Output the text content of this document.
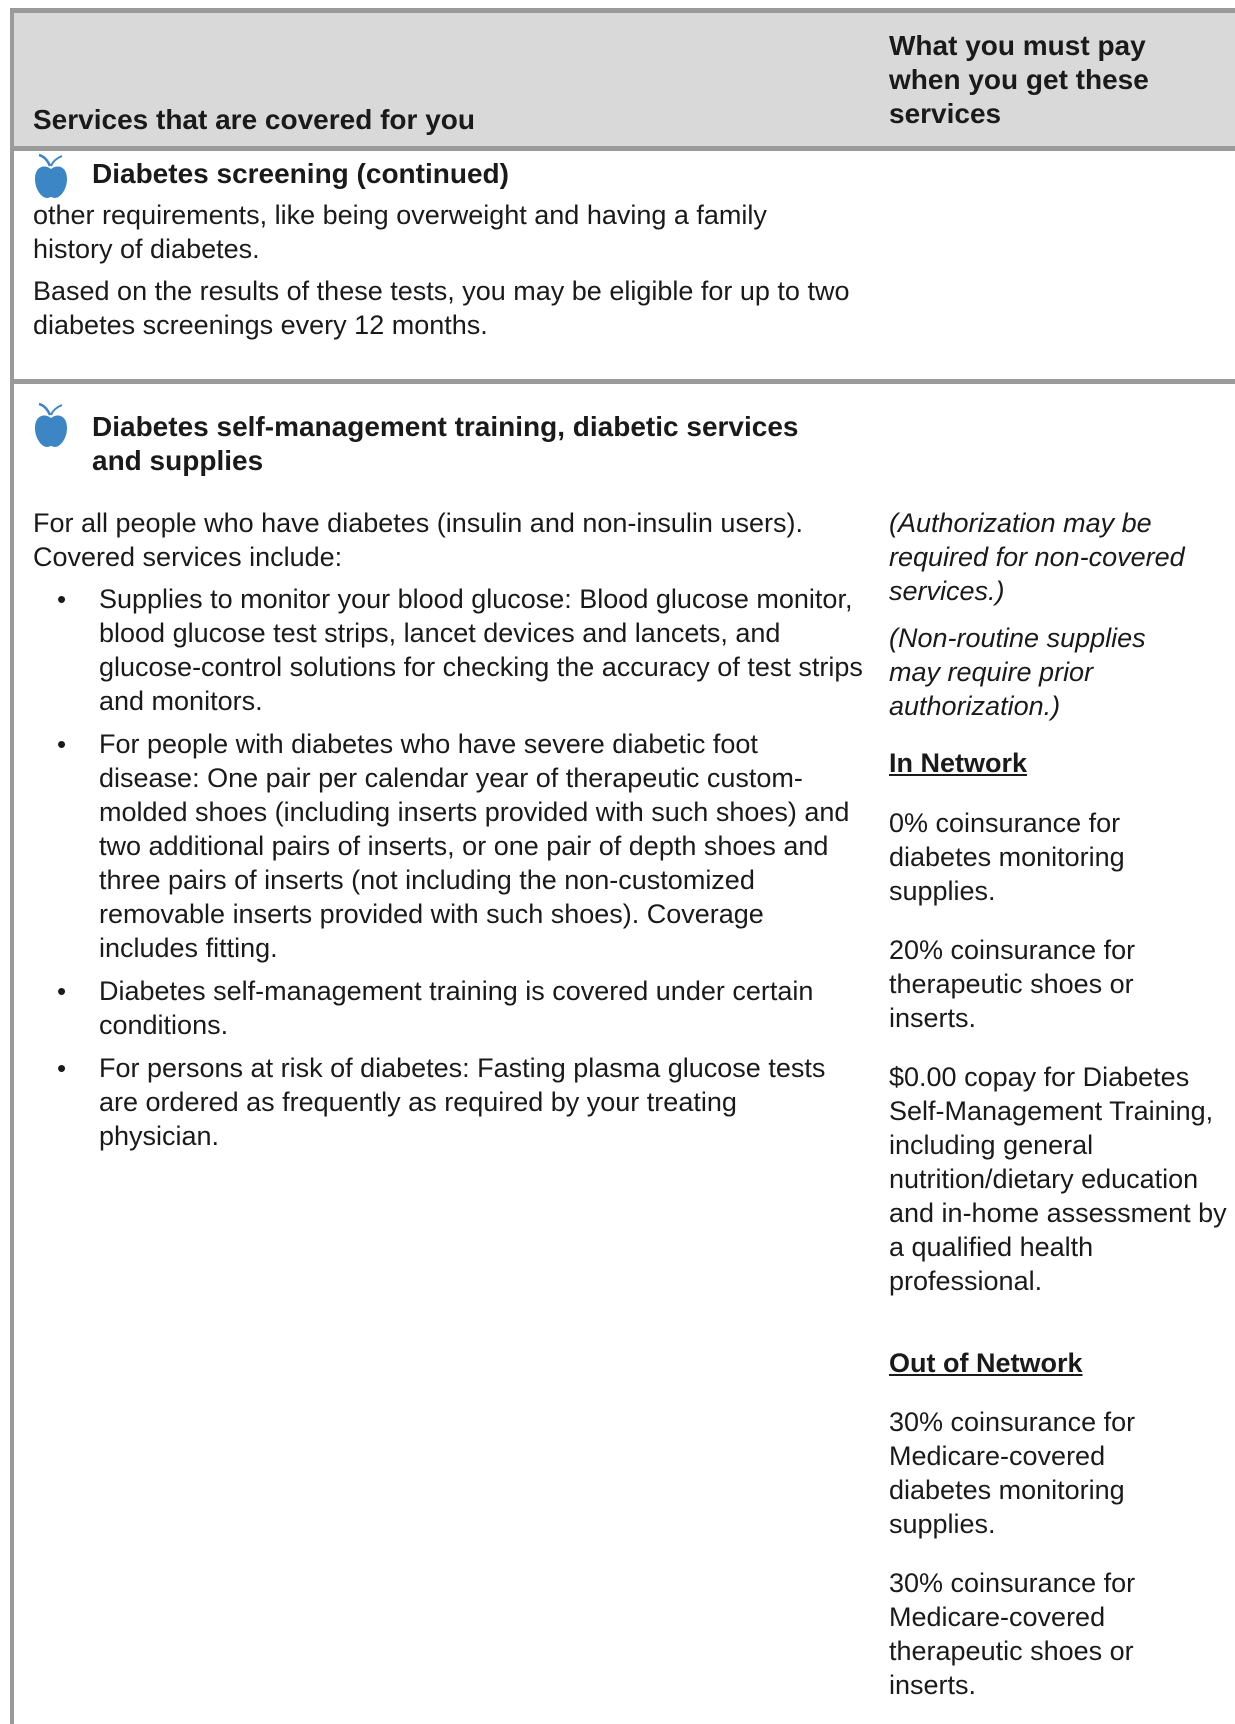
Services that are covered for you
What you must pay when you get these services
Diabetes screening (continued)
other requirements, like being overweight and having a family history of diabetes.
Based on the results of these tests, you may be eligible for up to two diabetes screenings every 12 months.
Diabetes self-management training, diabetic services and supplies
For all people who have diabetes (insulin and non-insulin users). Covered services include:
• Supplies to monitor your blood glucose: Blood glucose monitor, blood glucose test strips, lancet devices and lancets, and glucose-control solutions for checking the accuracy of test strips and monitors.
• For people with diabetes who have severe diabetic foot disease: One pair per calendar year of therapeutic custom-molded shoes (including inserts provided with such shoes) and two additional pairs of inserts, or one pair of depth shoes and three pairs of inserts (not including the non-customized removable inserts provided with such shoes). Coverage includes fitting.
• Diabetes self-management training is covered under certain conditions.
• For persons at risk of diabetes: Fasting plasma glucose tests are ordered as frequently as required by your treating physician.
(Authorization may be required for non-covered services.)
(Non-routine supplies may require prior authorization.)
In Network
0% coinsurance for diabetes monitoring supplies.
20% coinsurance for therapeutic shoes or inserts.
$0.00 copay for Diabetes Self-Management Training, including general nutrition/dietary education and in-home assessment by a qualified health professional.
Out of Network
30% coinsurance for Medicare-covered diabetes monitoring supplies.
30% coinsurance for Medicare-covered therapeutic shoes or inserts.
